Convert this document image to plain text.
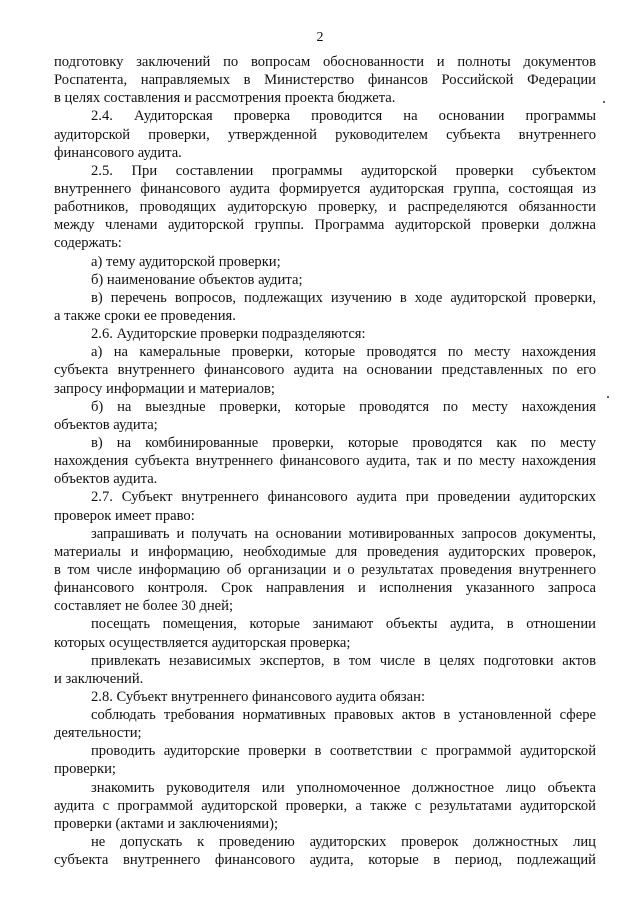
2
подготовку заключений по вопросам обоснованности и полноты документов
Роспатента, направляемых в Министерство финансов Российской Федерации
в целях составления и рассмотрения проекта бюджета.
2.4. Аудиторская проверка проводится на основании программы
аудиторской проверки, утвержденной руководителем субъекта внутреннего
финансового аудита.
2.5. При составлении программы аудиторской проверки субъектом
внутреннего финансового аудита формируется аудиторская группа, состоящая из
работников, проводящих аудиторскую проверку, и распределяются обязанности
между членами аудиторской группы. Программа аудиторской проверки должна
содержать:
а) тему аудиторской проверки;
б) наименование объектов аудита;
в) перечень вопросов, подлежащих изучению в ходе аудиторской проверки,
а также сроки ее проведения.
2.6. Аудиторские проверки подразделяются:
а) на камеральные проверки, которые проводятся по месту нахождения
субъекта внутреннего финансового аудита на основании представленных по его
запросу информации и материалов;
б) на выездные проверки, которые проводятся по месту нахождения
объектов аудита;
в) на комбинированные проверки, которые проводятся как по месту
нахождения субъекта внутреннего финансового аудита, так и по месту нахождения
объектов аудита.
2.7. Субъект внутреннего финансового аудита при проведении аудиторских
проверок имеет право:
запрашивать и получать на основании мотивированных запросов документы,
материалы и информацию, необходимые для проведения аудиторских проверок,
в том числе информацию об организации и о результатах проведения внутреннего
финансового контроля. Срок направления и исполнения указанного запроса
составляет не более 30 дней;
посещать помещения, которые занимают объекты аудита, в отношении
которых осуществляется аудиторская проверка;
привлекать независимых экспертов, в том числе в целях подготовки актов
и заключений.
2.8. Субъект внутреннего финансового аудита обязан:
соблюдать требования нормативных правовых актов в установленной сфере
деятельности;
проводить аудиторские проверки в соответствии с программой аудиторской
проверки;
знакомить руководителя или уполномоченное должностное лицо объекта
аудита с программой аудиторской проверки, а также с результатами аудиторской
проверки (актами и заключениями);
не допускать к проведению аудиторских проверок должностных лиц
субъекта внутреннего финансового аудита, которые в период, подлежащий
